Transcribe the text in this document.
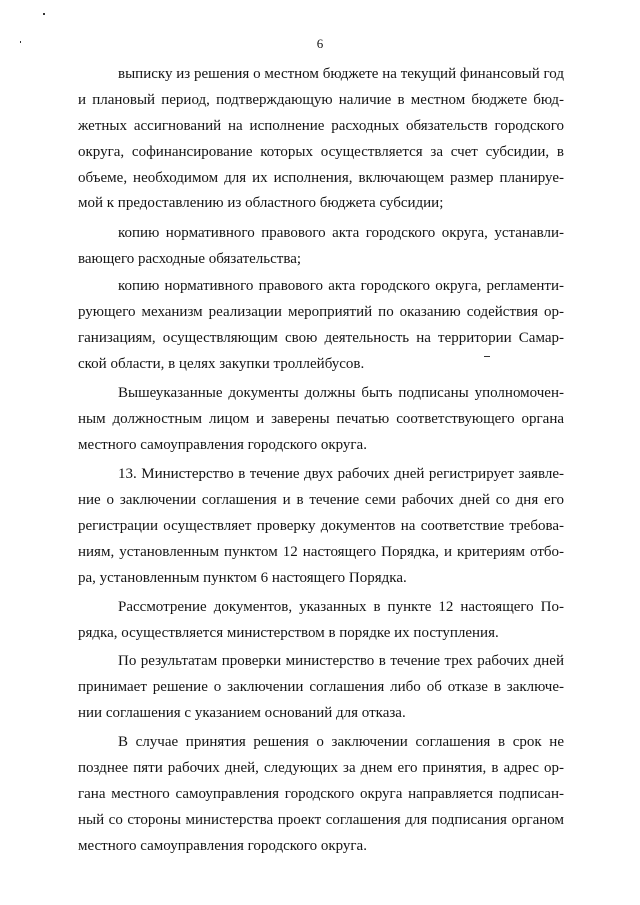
6
выписку из решения о местном бюджете на текущий финансовый год
и плановый период, подтверждающую наличие в местном бюджете бюд-
жетных ассигнований на исполнение расходных обязательств городского
округа, софинансирование которых осуществляется за счет субсидии, в
объеме, необходимом для их исполнения, включающем размер планируе-
мой к предоставлению из областного бюджета субсидии;
копию нормативного правового акта городского округа, устанавли-
вающего расходные обязательства;
копию нормативного правового акта городского округа, регламенти-
рующего механизм реализации мероприятий по оказанию содействия ор-
ганизациям, осуществляющим свою деятельность на территории Самар-
ской области, в целях закупки троллейбусов.
Вышеуказанные документы должны быть подписаны уполномочен-
ным должностным лицом и заверены печатью соответствующего органа
местного самоуправления городского округа.
13. Министерство в течение двух рабочих дней регистрирует заявле-
ние о заключении соглашения и в течение семи рабочих дней со дня его
регистрации осуществляет проверку документов на соответствие требова-
ниям, установленным пунктом 12 настоящего Порядка, и критериям отбо-
ра, установленным пунктом 6 настоящего Порядка.
Рассмотрение документов, указанных в пункте 12 настоящего По-
рядка, осуществляется министерством в порядке их поступления.
По результатам проверки министерство в течение трех рабочих дней
принимает решение о заключении соглашения либо об отказе в заключе-
нии соглашения с указанием оснований для отказа.
В случае принятия решения о заключении соглашения в срок не
позднее пяти рабочих дней, следующих за днем его принятия, в адрес ор-
гана местного самоуправления городского округа направляется подписан-
ный со стороны министерства проект соглашения для подписания органом
местного самоуправления городского округа.
